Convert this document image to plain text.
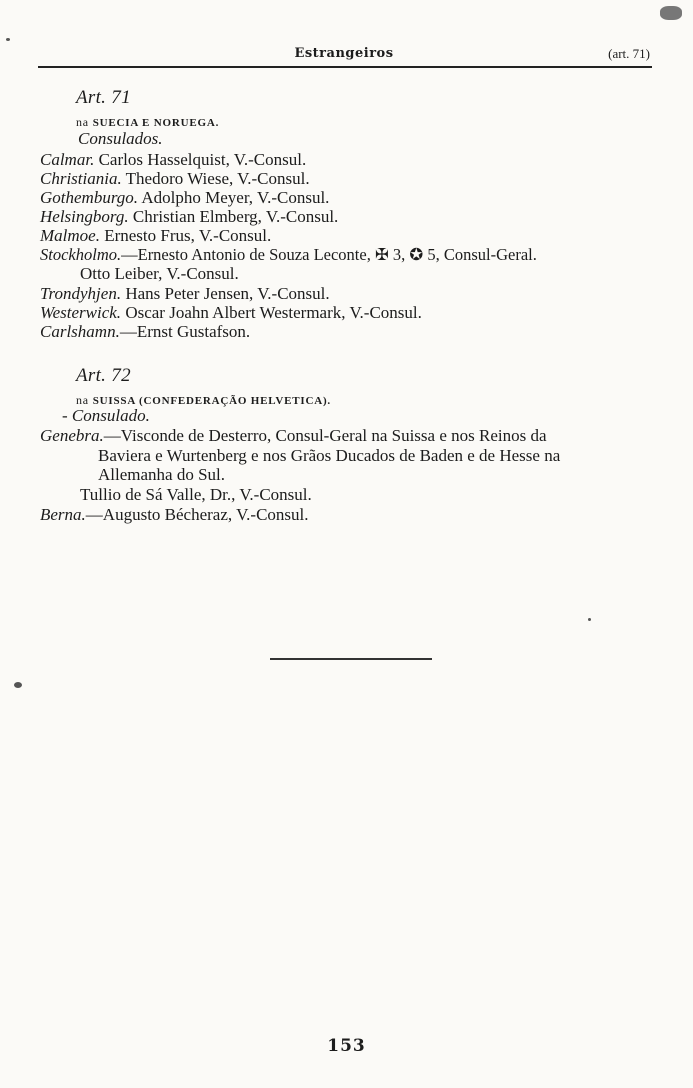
Estrangeiros	(art. 71)
Art. 71
na SUECIA E NORUEGA.
Consulados.
Calmar. Carlos Hasselquist, V.-Consul.
Christiania. Thedoro Wiese, V.-Consul.
Gothemburgo. Adolpho Meyer, V.-Consul.
Helsingborg. Christian Elmberg, V.-Consul.
Malmoe. Ernesto Frus, V.-Consul.
Stockholmo.—Ernesto Antonio de Souza Leconte, ✠ 3, ✪ 5, Consul-Geral.
Otto Leiber, V.-Consul.
Trondyhjen. Hans Peter Jensen, V.-Consul.
Westerwick. Oscar Joahn Albert Westermark, V.-Consul.
Carlshamn.—Ernst Gustafson.
Art. 72
na SUISSA (CONFEDERAÇÃO HELVETICA).
- Consulado.
Genebra.—Visconde de Desterro, Consul-Geral na Suissa e nos Reinos da
Baviera e Wurtenberg e nos Grãos Ducados de Baden e de Hesse na
Allemanha do Sul.
Tullio de Sá Valle, Dr., V.-Consul.
Berna.—Augusto Bécheraz, V.-Consul.
153
